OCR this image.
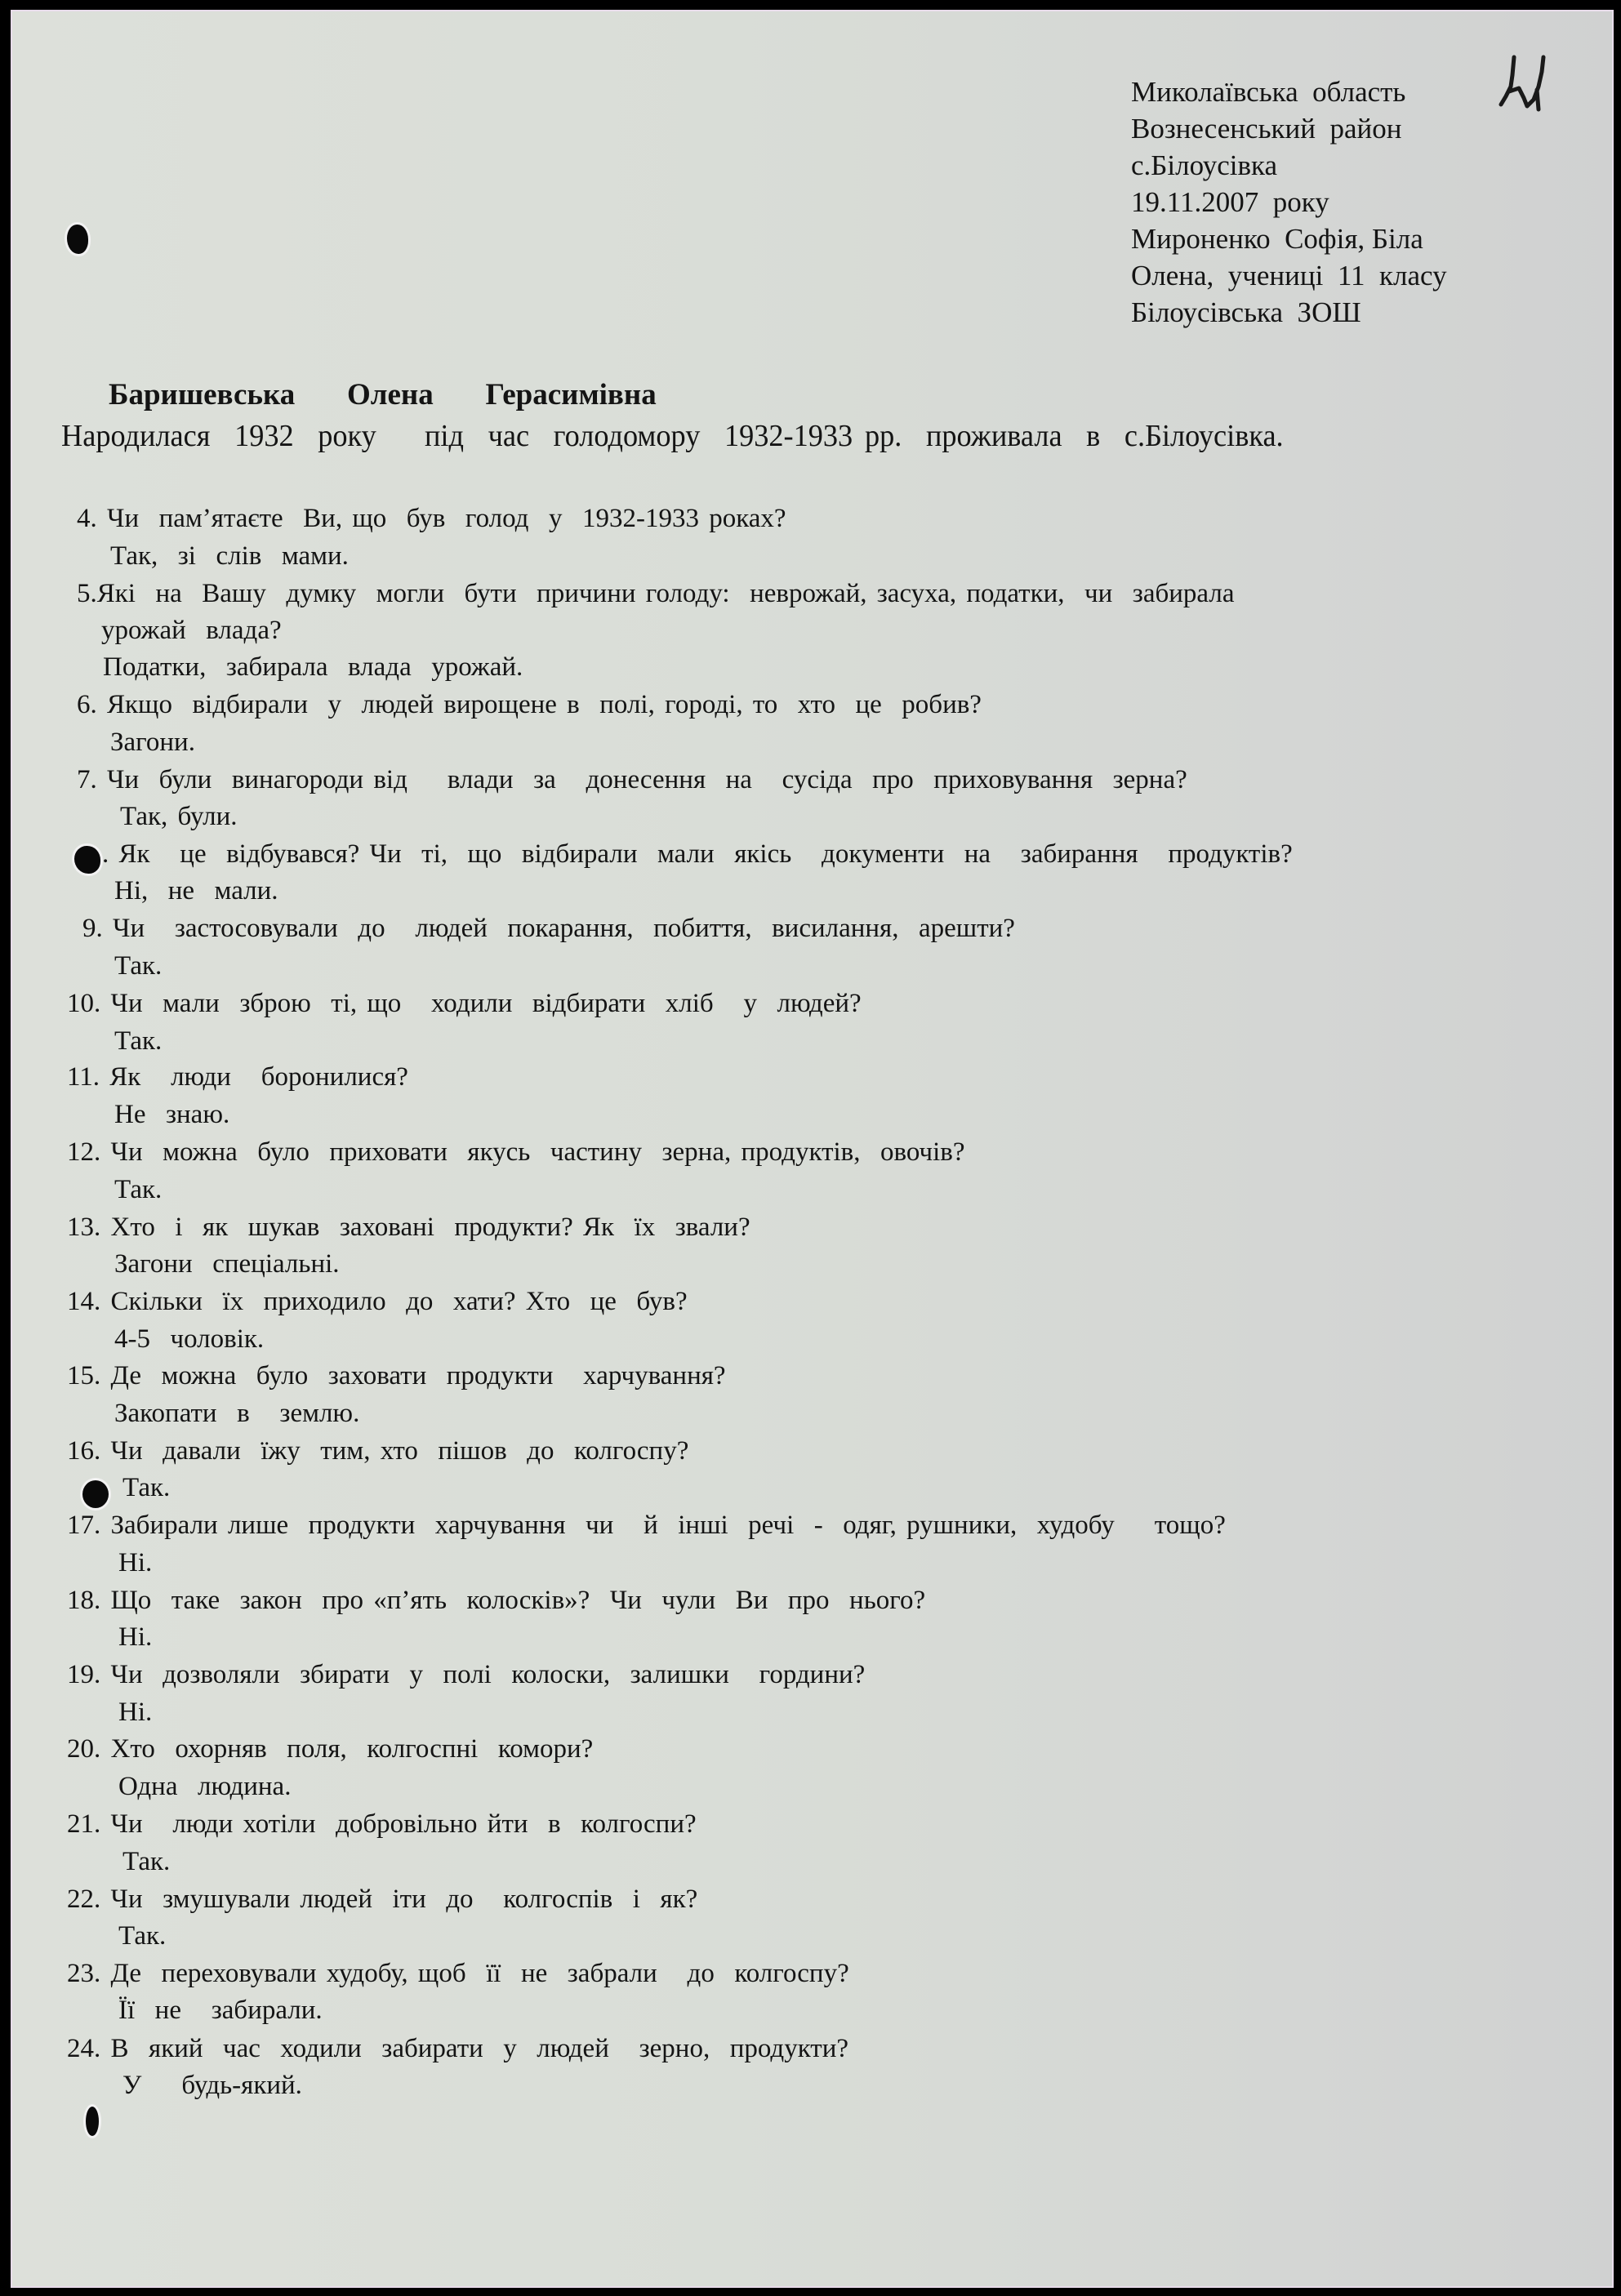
Миколаївська  область
Вознесенський  район
с.Білоусівка
19.11.2007  року
Мироненко  Софія, Біла
Олена,  учениці  11  класу
Білоусівська  ЗОШ
Баришевська   Олена   Герасимівна
Народилася  1932  року    під  час  голодомору  1932-1933 рр.  проживала  в  с.Білоусівка.
4. Чи  пам’ятаєте  Ви, що  був  голод  у  1932-1933 роках?
Так,  зі  слів  мами.
5.Які  на  Вашу  думку  могли  бути  причини голоду:  неврожай, засуха, податки,  чи  забирала
урожай  влада?
Податки,  забирала  влада  урожай.
6. Якщо  відбирали  у  людей вирощене в  полі, городі, то  хто  це  робив?
Загони.
7. Чи  були  винагороди від    влади  за   донесення  на   сусіда  про  приховування  зерна?
Так, були.
. Як   це  відбувався? Чи  ті,  що  відбирали  мали  якісь   документи  на   забирання   продуктів?
Ні,  не  мали.
9. Чи   застосовували  до   людей  покарання,  побиття,  висилання,  арешти?
Так.
10. Чи  мали  зброю  ті, що   ходили  відбирати  хліб   у  людей?
Так.
11. Як   люди   боронилися?
Не  знаю.
12. Чи  можна  було  приховати  якусь  частину  зерна, продуктів,  овочів?
Так.
13. Хто  і  як  шукав  заховані  продукти? Як  їх  звали?
Загони  спеціальні.
14. Скільки  їх  приходило  до  хати? Хто  це  був?
4-5  чоловік.
15. Де  можна  було  заховати  продукти   харчування?
Закопати  в   землю.
16. Чи  давали  їжу  тим, хто  пішов  до  колгоспу?
Так.
17. Забирали лише  продукти  харчування  чи   й  інші  речі  -  одяг, рушники,  худобу    тощо?
Ні.
18. Що  таке  закон  про «п’ять  колосків»?  Чи  чули  Ви  про  нього?
Ні.
19. Чи  дозволяли  збирати  у  полі  колоски,  залишки   гордини?
Ні.
20. Хто  охорняв  поля,  колгоспні  комори?
Одна  людина.
21. Чи   люди хотіли  добровільно йти  в  колгоспи?
Так.
22. Чи  змушували людей  іти  до   колгоспів  і  як?
Так.
23. Де  переховували худобу, щоб  її  не  забрали   до  колгоспу?
Її  не   забирали.
24. В  який  час  ходили  забирати  у  людей   зерно,  продукти?
У    будь-який.
